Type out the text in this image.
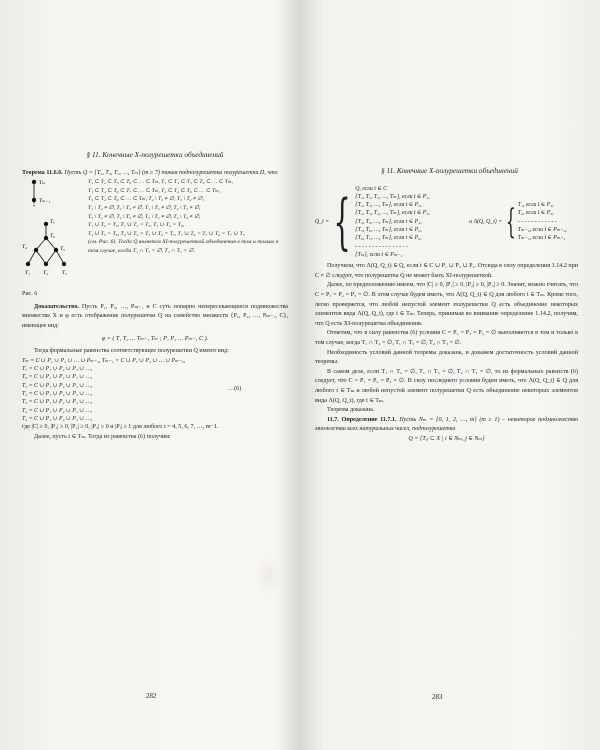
§ 11. Конечные X-полурешетки объединений

Теорема 11.6.6. Пусть Q = {T₁, T₂, T₃, …, Tₘ} (m ≥ 7) такая подполурешетка полурешетки D, что

Tₘ
Tₘ₋₁
T₇
T₆
T₅
T₄
T₃
T₂
T₁
Рис. 6
T₁ ⊂ T₂ ⊂ T₅ ⊂ T₆ ⊂ … ⊂ Tₘ, T₁ ⊂ T₃ ⊂ T₅ ⊂ T₆ ⊂ … ⊂ Tₘ,
T₁ ⊂ T₄ ⊂ T₆ ⊂ T₇ ⊂ … ⊂ Tₘ, T₂ ⊂ T₄ ⊂ T₆ ⊂ … ⊂ Tₘ,
T₃ ⊂ T₄ ⊂ T₆ ⊂ … ⊂ Tₘ, T₂ \ T₃ ≠ ∅, T₃ \ T₂ ≠ ∅,
T₁ \ T₂ ≠ ∅, T₄ \ T₃ ≠ ∅, T₁ \ T₃ ≠ ∅, T₂ \ T₄ ≠ ∅,
T₃ \ T₄ ≠ ∅, T₄ \ T₅ ≠ ∅, T₅ \ T₄ ≠ ∅, T₄ \ T₆ ≠ ∅,
T₁ ∪ T₂ = T₅, T₁ ∪ T₃ = T₅, T₁ ∪ T₄ = T₆,
T₄ ∪ T₅ = T₆, T₂ ∪ T₃ = T₅ ∪ T₆ = T₇, T₁ ∪ T₆ = T₇ ∪ T₈ = T₇ ∪ T₅
(см. Рис. 6). Тогда Q является XI-полурешеткой объединения в том и только в том случае, когда T₁ ∩ T₃ = ∅, T₂ ∩ T₃ = ∅.

Доказательство. Пусть P₁, P₂, …, Pₘ₋₁ и C суть попарно непересекающиеся подмножества множества X и φ есть отображение полурешетки Q на семейство множеств {P₁, P₂, …, Pₘ₋₁, C}, имеющее вид:

φ = ( T₁ T₂ … Tₘ₋₁ Tₘ ; P₁ P₂ … Pₘ₋₁ C ).

Тогда формальные равенства соответствующее полурешетки Q имеют вид:

Tₘ = C ∪ P₁ ∪ P₂ ∪ … ∪ Pₘ₋₁, Tₘ₋₁ = C ∪ P₁ ∪ P₂ ∪ … ∪ Pₘ₋₂,
T₇ = C ∪ P₁ ∪ P₂ ∪ P₃ ∪ …,
T₆ = C ∪ P₁ ∪ P₂ ∪ P₃ ∪ …,
T₅ = C ∪ P₁ ∪ P₂ ∪ P₃ ∪ …,
T₄ = C ∪ P₁ ∪ P₂ ∪ P₃ ∪ …,
T₃ = C ∪ P₁ ∪ P₂ ∪ P₃ ∪ …,
T₂ = C ∪ P₁ ∪ P₂ ∪ P₃ ∪ …,
T₁ = C ∪ P₁ ∪ P₂ ∪ P₃ ∪ …,
…(6)

где |C| ≥ 0, |P₁| ≥ 0, |P₂| ≥ 0, |P₃| ≥ 0 и |Pᵢ| ≥ 1 для любого i = 4, 5, 6, 7, …, m−1.

Далее, пусть t ∈ Tₘ. Тогда из равенства (6) получим:

282
§ 11. Конечные X-полурешетки объединений
Q_t = { Q, если t ∈ C
{T₁, T₂, T₃, …, Tₘ}, если t ∈ P₁,
{T₂, T₃, …, Tₘ}, если t ∈ P₂,
{T₂, T₃, T₄, …, Tₘ}, если t ∈ P₃,
{T₄, T₅, …, Tₘ}, если t ∈ P₄,
{T₅, T₆, …, Tₘ}, если t ∈ P₅,
{T₆, T₇, …, Tₘ}, если t ∈ P₆,
- - - - - - - - - - - - - - - -
{Tₘ}, если t ∈ Pₘ₋₁
и Λ(Q, Q_t) = { T₁, если t ∈ P₄,
T₂, если t ∈ P₅,
- - - - - - - - - - - -
Tₘ₋₂, если t ∈ Pₘ₋₂,
Tₘ₋₁, если t ∈ Pₘ₋₁

Получили, что Λ(Q, Q_t) ∈ Q, если t ∈ C ∪ P₁ ∪ P₂ ∪ P₃. Отсюда в силу определения 1.14.2 при C ≠ ∅ следует, что полурешетка Q не может быть XI-полурешеткой.

Далее, по предположению имеем, что |C| ≥ 0, |P₁| ≥ 0, |P₂| ≥ 0, |P₃| ≥ 0. Значит, можно считать, что C = P₁ = P₂ = P₃ = ∅. В этом случае будем иметь, что Λ(Q, Q_t) ∈ Q для любого t ∈ Tₘ. Кроме того, легко проверяется, что любой непустой элемент полурешетки Q есть объединение некоторых элементов вида Λ(Q, Q_t), где t ∈ Tₘ. Теперь, принимая во внимание определение 1.14.2, получим, что Q есть XI-полурешетка объединения.

Отметим, что в силу равенства (6) условия C = P₁ = P₂ = P₃ = ∅ выполняются в том и только в том случае, когда T₁ ∩ T₂ = ∅, T₁ ∩ T₃ = ∅, T₂ ∩ T₃ = ∅.

Необходимость условий данной теоремы доказана, и докажем достаточность условий данной теоремы.

В самом деле, если T₁ ∩ T₂ = ∅, T₁ ∩ T₃ = ∅, T₂ ∩ T₃ = ∅, то из формальных равенств (6) следует, что C = P₁ = P₂ = P₃ = ∅. В силу последнего условия будем иметь, что Λ(Q, Q_t) ∈ Q для любого t ∈ Tₘ и любой непустой элемент полурешетки Q есть объединение некоторых элементов вида Λ(Q, Q_t), где t ∈ Tₘ.

Теорема доказана.

11.7. Определение 11.7.1. Пусть Nₘ = {0, 1, 2, …, m} (m ≥ 1) – некоторое подмножество множества всех натуральных чисел, подполурешетка

Q = {Tᵢⱼ ⊂ X | i ∈ Nₘ, j ∈ Nₘ}
283
